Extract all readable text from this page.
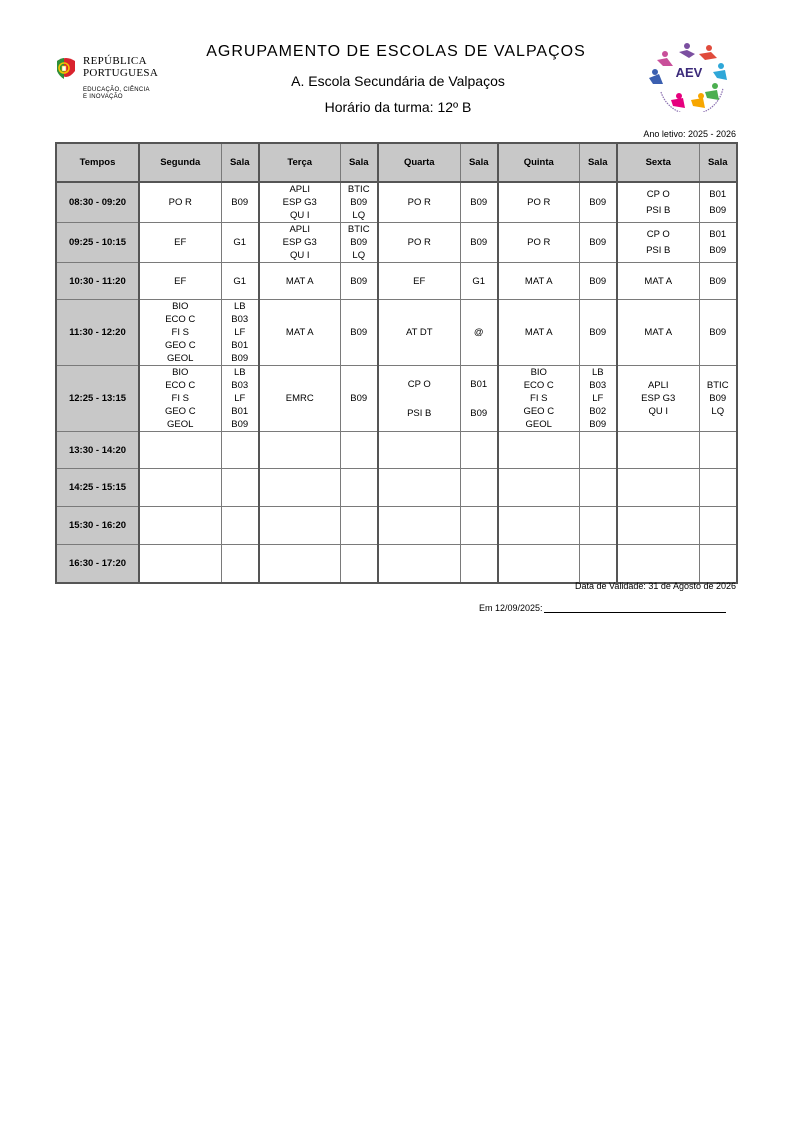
REPÚBLICA
PORTUGUESA
EDUCAÇÃO, CIÊNCIA
E INOVAÇÃO
AGRUPAMENTO DE ESCOLAS DE VALPAÇOS
A. Escola Secundária de Valpaços
Horário da turma: 12º B
AEV
Ano letivo: 2025 - 2026
Tempos	Segunda	Sala	Terça	Sala	Quarta	Sala	Quinta	Sala	Sexta	Sala
08:30 - 09:20	PO R	B09	APLI
ESP G3
QU I	BTIC
B09
LQ	PO R	B09	PO R	B09	CP O
PSI B	B01
B09

09:25 - 10:15	EF	G1	APLI
ESP G3
QU I	BTIC
B09
LQ	PO R	B09	PO R	B09	CP O
PSI B	B01
B09

10:30 - 11:20	EF	G1	MAT A	B09	EF	G1	MAT A	B09	MAT A	B09

11:30 - 12:20	BIO
ECO C
FI S
GEO C
GEOL	LB
B03
LF
B01
B09	MAT A	B09	AT DT	@	MAT A	B09	MAT A	B09

12:25 - 13:15	BIO
ECO C
FI S
GEO C
GEOL	LB
B03
LF
B01
B09	EMRC	B09	CP O
PSI B	B01
B09	BIO
ECO C
FI S
GEO C
GEOL	LB
B03
LF
B02
B09	APLI
ESP G3
QU I	BTIC
B09
LQ

13:30 - 14:20	

14:25 - 15:15	

15:30 - 16:20	

16:30 - 17:20	

Data de Validade: 31 de Agosto de 2026
Em 12/09/2025:
